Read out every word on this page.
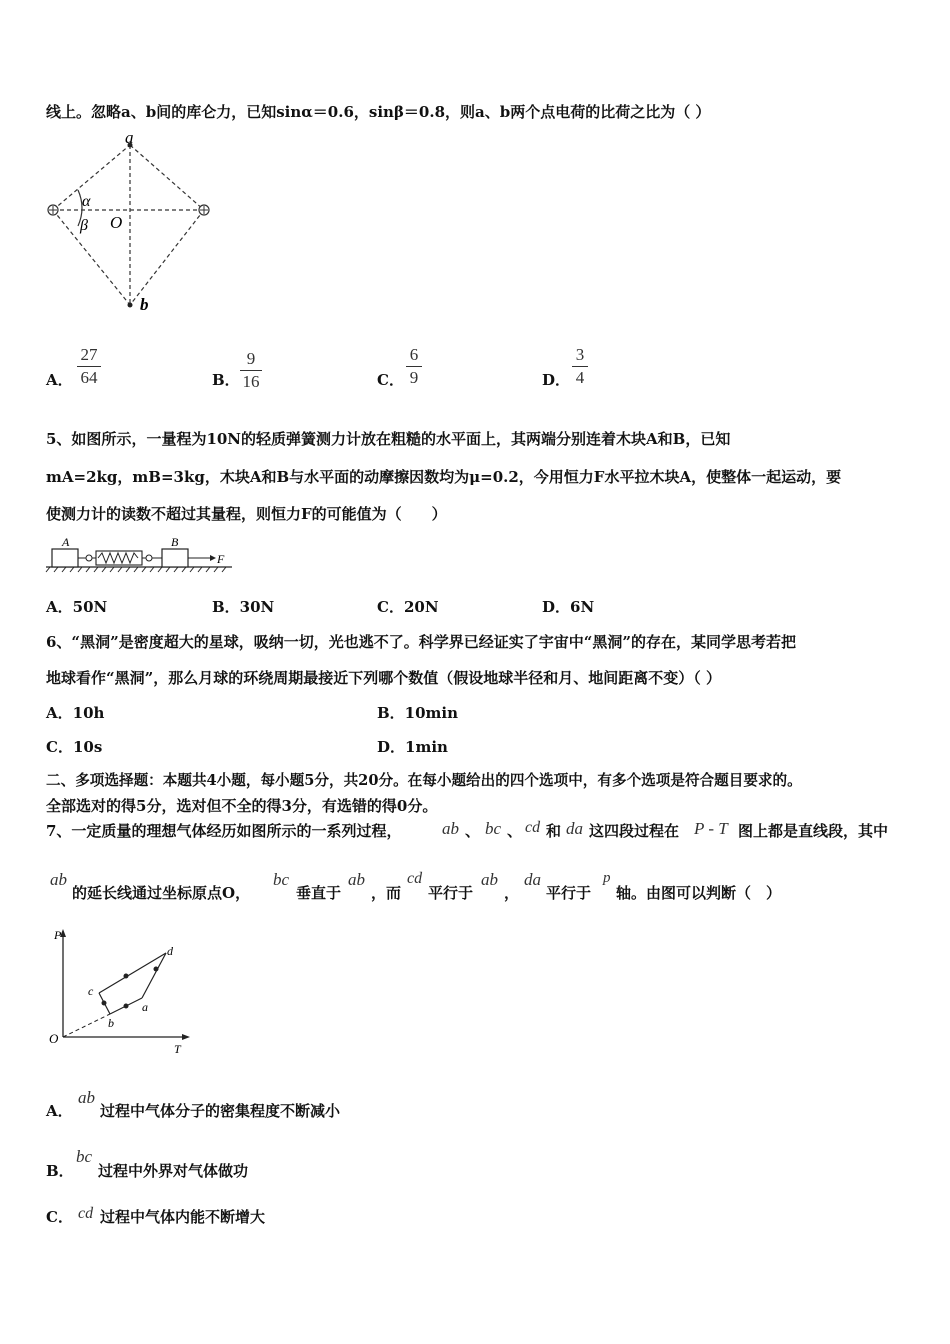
线上。忽略a、b间的库仑力，已知sinα＝0.6，sinβ＝0.8，则a、b两个点电荷的比荷之比为（ ）
a
b
O
α
β
A．
27
64	B．
9
16	C．
6
9	D．
3
4
5、如图所示，一量程为10N的轻质弹簧测力计放在粗糙的水平面上，其两端分别连着木块A和B，已知
mA=2kg，mB=3kg，木块A和B与水平面的动摩擦因数均为μ=0.2，今用恒力F水平拉木块A，使整体一起运动，要
使测力计的读数不超过其量程，则恒力F的可能值为（　　）
A	B
F
A．50N	B．30N	C．20N	D．6N
6、“黑洞”是密度超大的星球，吸纳一切，光也逃不了。科学界已经证实了宇宙中“黑洞”的存在，某同学思考若把
地球看作“黑洞”，那么月球的环绕周期最接近下列哪个数值（假设地球半径和月、地间距离不变）（ ）
A．10h	B．10min
C．10s	D．1min
二、多项选择题：本题共4小题，每小题5分，共20分。在每小题给出的四个选项中，有多个选项是符合题目要求的。
全部选对的得5分，选对但不全的得3分，有选错的得0分。
7、一定质量的理想气体经历如图所示的一系列过程， ab 、 bc 、 cd 和 da 这四段过程在 P - T 图上都是直线段，其中
ab
的延长线通过坐标原点O，
bc
垂直于
ab
，而
cd
平行于
ab
，
da
平行于
p
轴。由图可以判断（　）
P
T
O
a
b
c
d
A．
ab
过程中气体分子的密集程度不断减小
B．
bc
过程中外界对气体做功
C． cd 过程中气体内能不断增大
